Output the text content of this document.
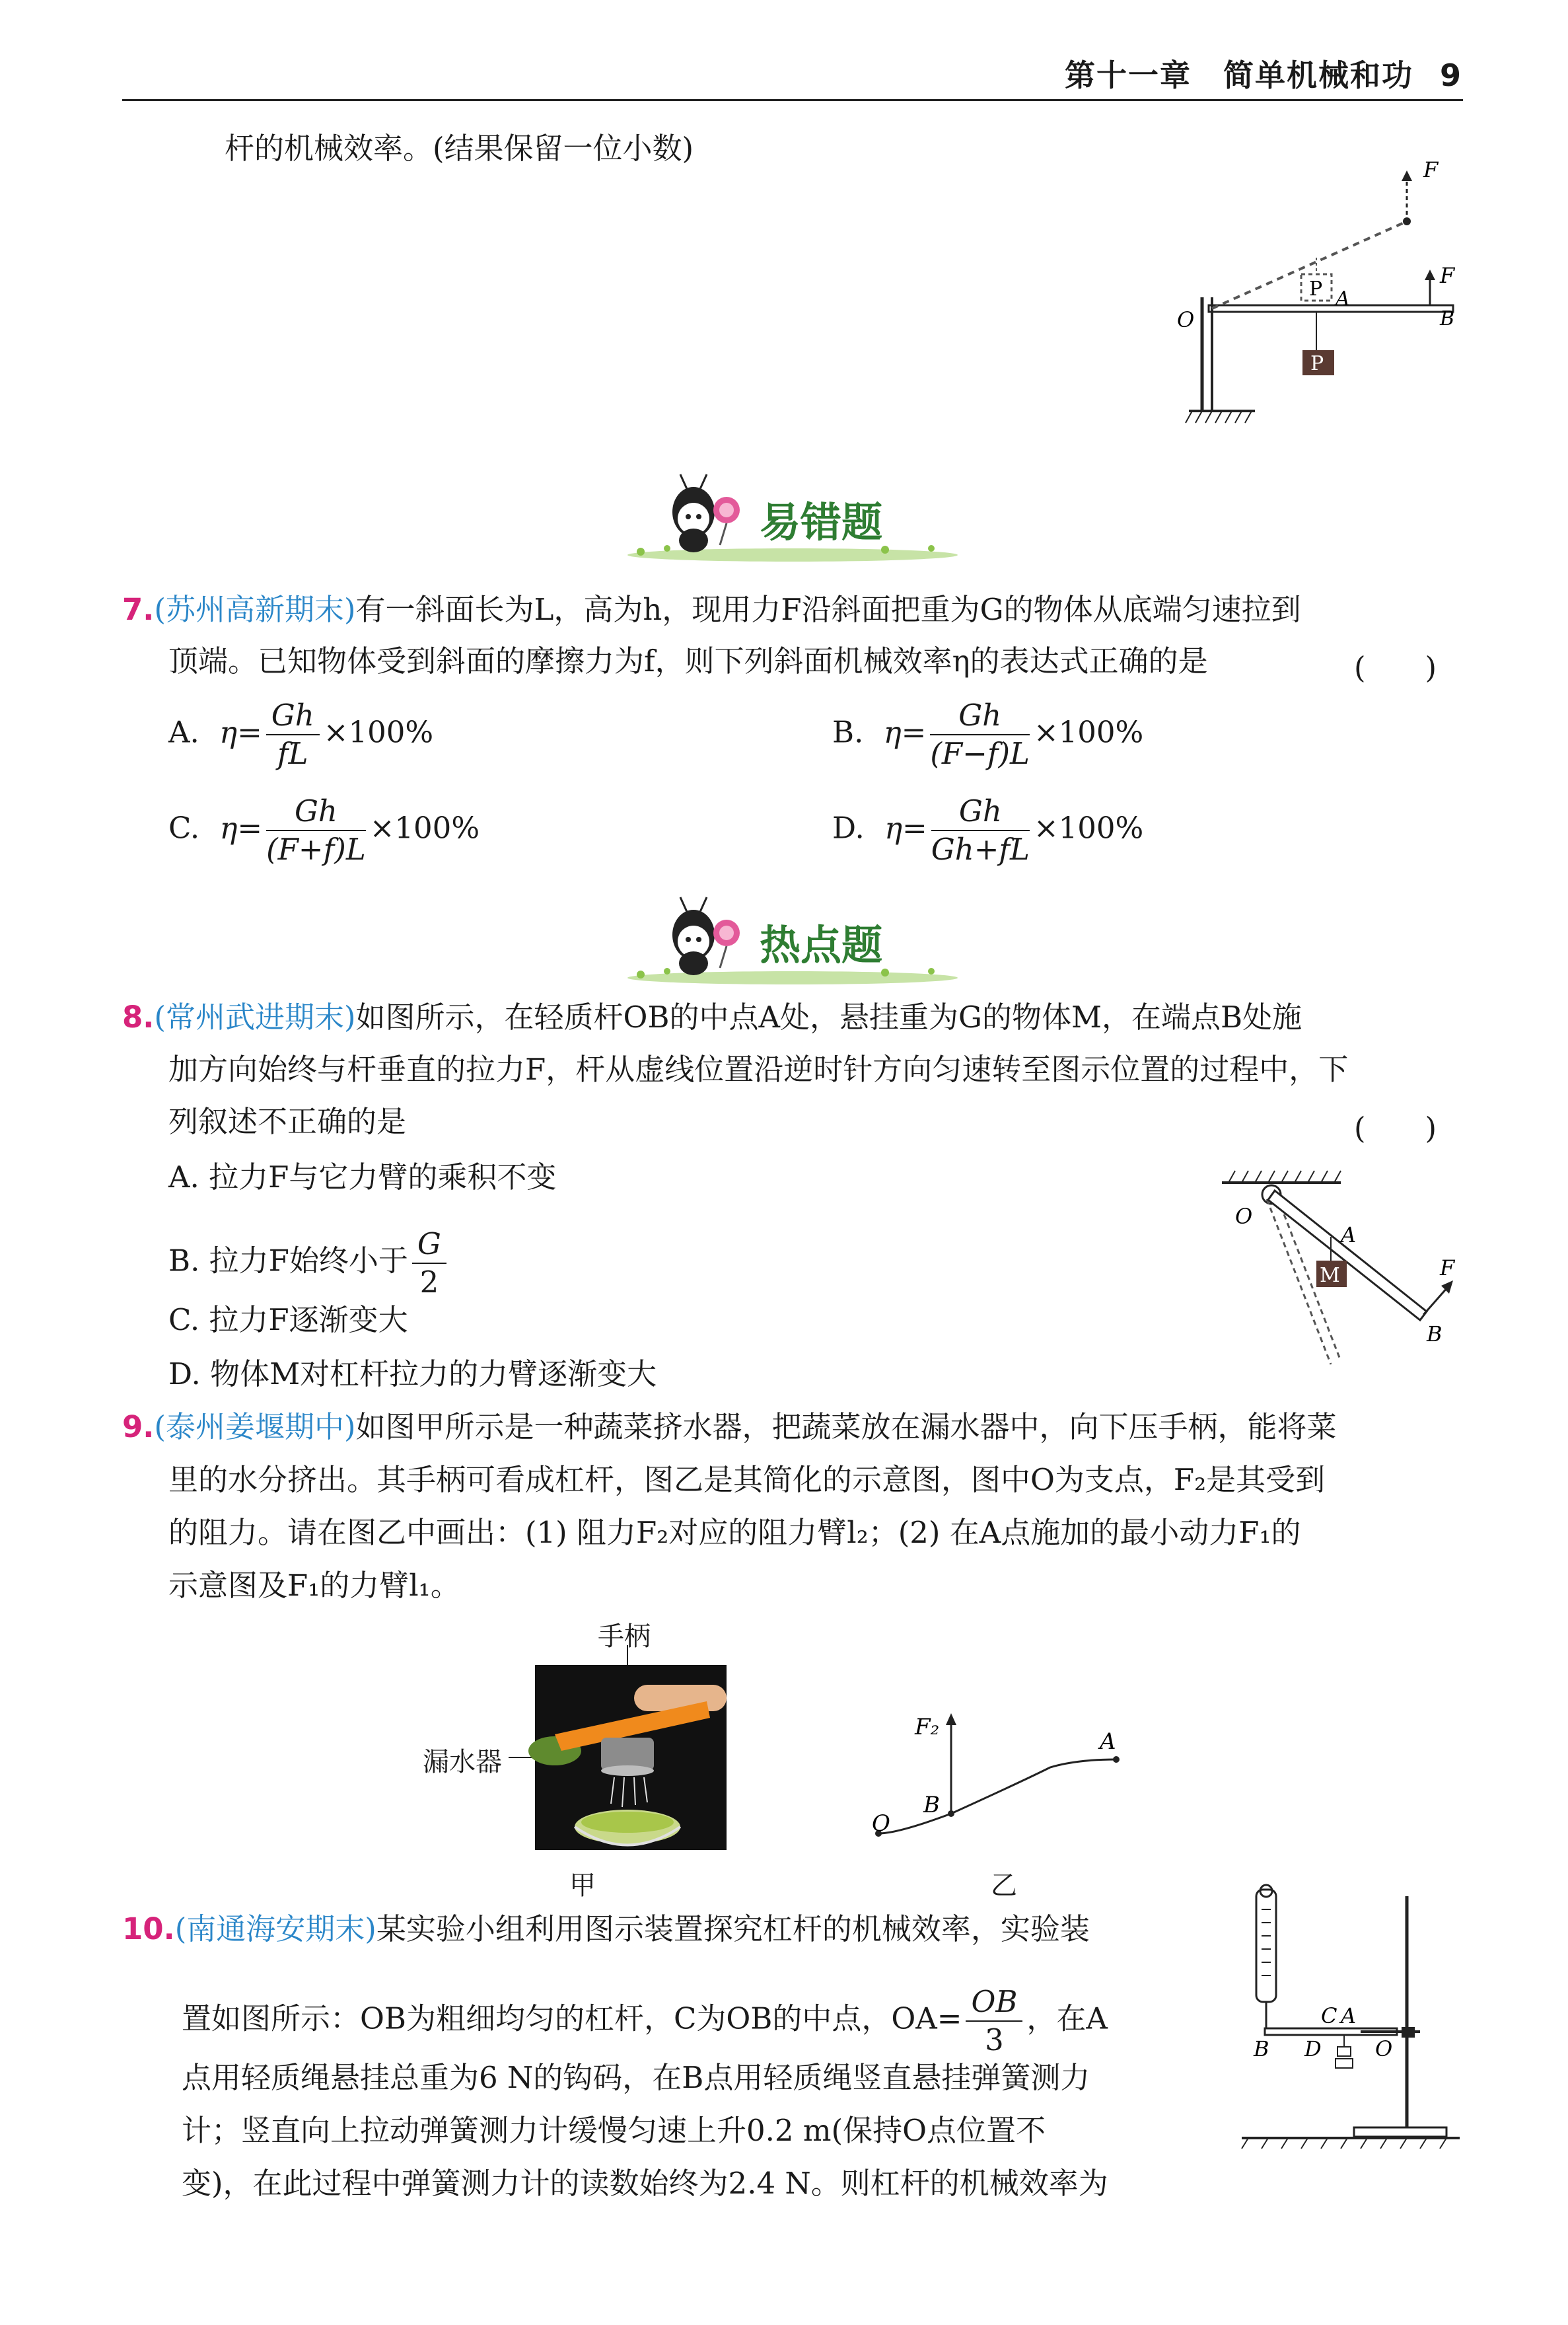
第十一章　简单机械和功 9
杆的机械效率。(结果保留一位小数)
F
F
P A
B
O
P
易错题
7.(苏州高新期末)有一斜面长为L，高为h，现用力F沿斜面把重为G的物体从底端匀速拉到
顶端。已知物体受到斜面的摩擦力为f，则下列斜面机械效率η的表达式正确的是	(　　)
A. $\eta= \frac{Gh}{fL} \times 100\%$	B. $\eta= \frac{Gh}{(F-f)L} \times 100\%$
C. $\eta= \frac{Gh}{(F+f)L} \times 100\%$	D. $\eta= \frac{Gh}{Gh+fL} \times 100\%$
热点题
8.(常州武进期末)如图所示，在轻质杆OB的中点A处，悬挂重为G的物体M，在端点B处施
加方向始终与杆垂直的拉力F，杆从虚线位置沿逆时针方向匀速转至图示位置的过程中，下
列叙述不正确的是	(　　)
A. 拉力F与它力臂的乘积不变
B. 拉力F始终小于 $\frac{G}{2}$
C. 拉力F逐渐变大
D. 物体M对杠杆拉力的力臂逐渐变大
O
A
F
M
B
9.(泰州姜堰期中)如图甲所示是一种蔬菜挤水器，把蔬菜放在漏水器中，向下压手柄，能将菜
里的水分挤出。其手柄可看成杠杆，图乙是其简化的示意图，图中O为支点，F₂是其受到
的阻力。请在图乙中画出：(1) 阻力F₂对应的阻力臂l₂；(2) 在A点施加的最小动力F₁的
示意图及F₁的力臂l₁。
手柄
漏水器
甲
F₂
A
B
O
乙
10.(南通海安期末)某实验小组利用图示装置探究杠杆的机械效率，实验装
置如图所示：OB为粗细均匀的杠杆，C为OB的中点，$OA= \frac{OB}{3}$ ，在A
点用轻质绳悬挂总重为6 N的钩码，在B点用轻质绳竖直悬挂弹簧测力
计；竖直向上拉动弹簧测力计缓慢匀速上升0.2 m(保持O点位置不
变)，在此过程中弹簧测力计的读数始终为2.4 N。则杠杆的机械效率为
B D
C A
O
